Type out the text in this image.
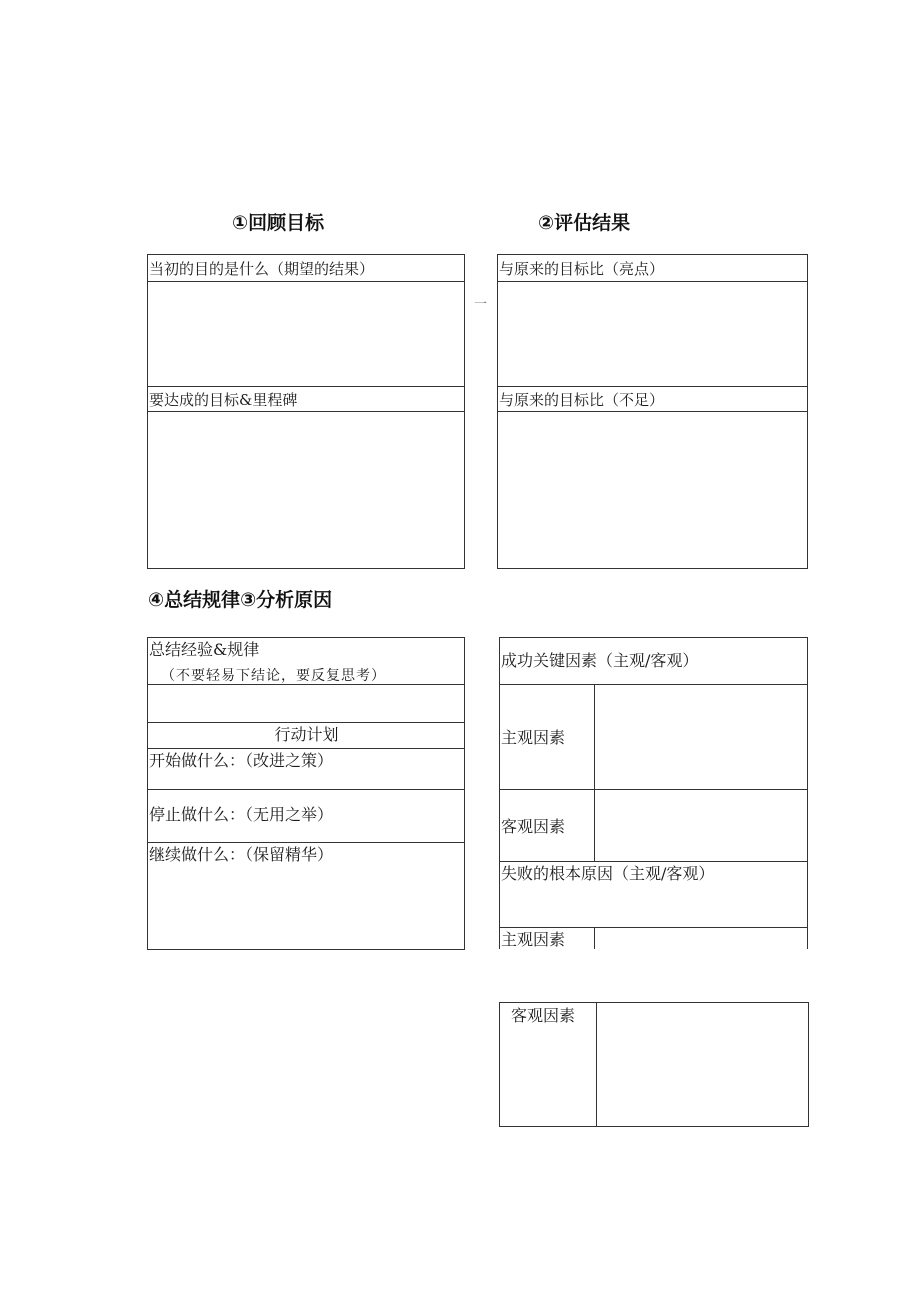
①回顾目标	②评估结果
④总结规律③分析原因
当初的目的是什么（期望的结果）
要达成的目标&里程碑
一
与原来的目标比（亮点）
与原来的目标比（不足）
总结经验&规律
（不要轻易下结论，要反复思考）
行动计划
开始做什么：（改进之策）
停止做什么：（无用之举）
继续做什么：（保留精华）
成功关键因素（主观/客观）
主观因素
客观因素
失败的根本原因（主观/客观）
主观因素
客观因素
